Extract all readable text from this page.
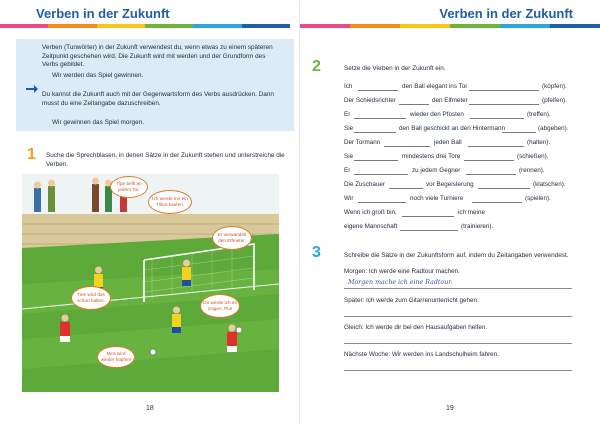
Verben in der Zukunft

Verben (Tunwörter) in der Zukunft verwendest du, wenn etwas zu einem späteren Zeitpunkt geschehen wird. Die Zukunft wird mit werden und der Grundform des Verbs gebildet.

Wir werden das Spiel gewinnen.

Du kannst die Zukunft auch mit der Gegenwartsform des Verbs ausdrücken. Dann musst du eine Zeitangabe dazuschreiben.

Wir gewinnen das Spiel morgen.

1 Suche die Sprechblasen, in denen Sätze in der Zukunft stehen und unterstreiche die Verben.
Tipe bellt an jedem Tor.
Ich werde mir ein Trikot kaufen.
Er verwandelt den Elfmeter.
Tine wird das schon halten.	Dir werde ich es zeigen, Pia!
Mira wird wieder köpfen!
18
Verben in der Zukunft
19
2	Setze die Verben in der Zukunft ein.
Ich	den Ball elegant ins Tor	(köpfen).
Der Schiedsrichter	den Elfmeter	(pfeifen).
Er	wieder den Pfosten	(treffen).
Sie	den Ball geschickt an den Hintermann	(abgeben).
Der Tormann	jeden Ball	(halten).
Sie	mindestens drei Tore	(schießen).
Er	zu jedem Gegner	(rennen).
Die Zuschauer	vor Begeisterung	(klatschen).
Wir	noch viele Turniere	(spielen).
Wenn ich groß bin,	ich meine
eigene Mannschaft	(trainieren).
3	Schreibe die Sätze in der Zukunftsform auf, indem du Zeitangaben verwendest.
Morgen: Ich werde eine Radtour machen.
Morgen mache ich eine Radtour.
Später: Ich werde zum Gitarrenunterricht gehen.
Gleich: Ich werde dir bei den Hausaufgaben helfen.
Nächste Woche: Wir werden ins Landschulheim fahren.
